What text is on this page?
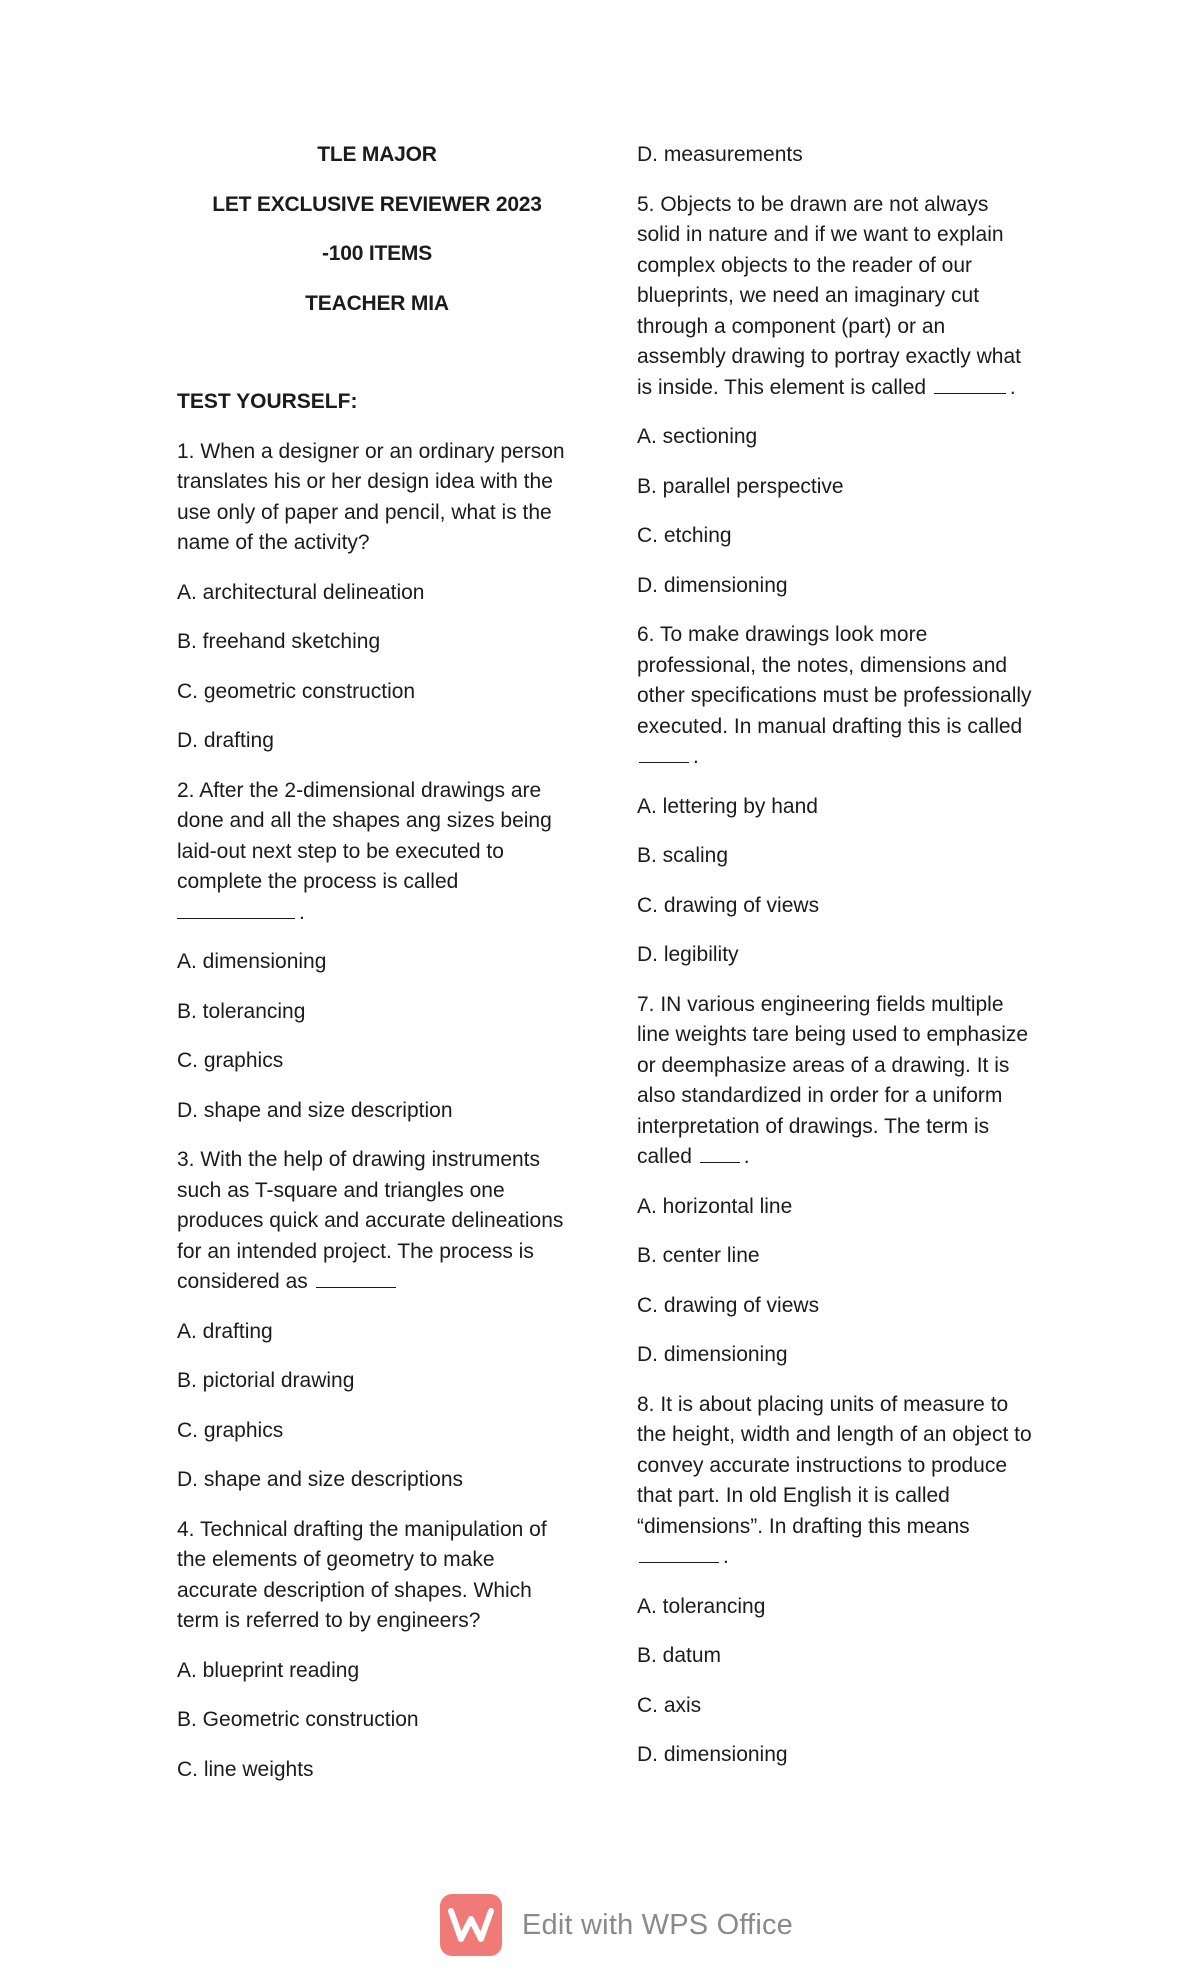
TLE MAJOR
LET EXCLUSIVE REVIEWER 2023
-100 ITEMS
TEACHER MIA
TEST YOURSELF:
1. When a designer or an ordinary person translates his or her design idea with the use only of paper and pencil, what is the name of the activity?
A. architectural delineation
B. freehand sketching
C. geometric construction
D. drafting
2. After the 2-dimensional drawings are done and all the shapes ang sizes being laid-out next step to be executed to complete the process is called.
A. dimensioning
B. tolerancing
C. graphics
D. shape and size description
3. With the help of drawing instruments such as T-square and triangles one produces quick and accurate delineations for an intended project. The process is considered as
A. drafting
B. pictorial drawing
C. graphics
D. shape and size descriptions
4. Technical drafting the manipulation of the elements of geometry to make accurate description of shapes. Which term is referred to by engineers?
A. blueprint reading
B. Geometric construction
C. line weights
D. measurements
5. Objects to be drawn are not always solid in nature and if we want to explain complex objects to the reader of our blueprints, we need an imaginary cut through a component (part) or an assembly drawing to portray exactly what is inside. This element is called	.
A. sectioning
B. parallel perspective
C. etching
D. dimensioning
6. To make drawings look more professional, the notes, dimensions and other specifications must be professionally executed. In manual drafting this is called .
A. lettering by hand
B. scaling
C. drawing of views
D. legibility
7. IN various engineering fields multiple line weights tare being used to emphasize or deemphasize areas of a drawing. It is also standardized in order for a uniform interpretation of drawings. The term is called .
A. horizontal line
B. center line
C. drawing of views
D. dimensioning
8. It is about placing units of measure to the height, width and length of an object to convey accurate instructions to produce that part. In old English it is called “dimensions”. In drafting this means .
A. tolerancing
B. datum
C. axis
D. dimensioning
Edit with WPS Office
